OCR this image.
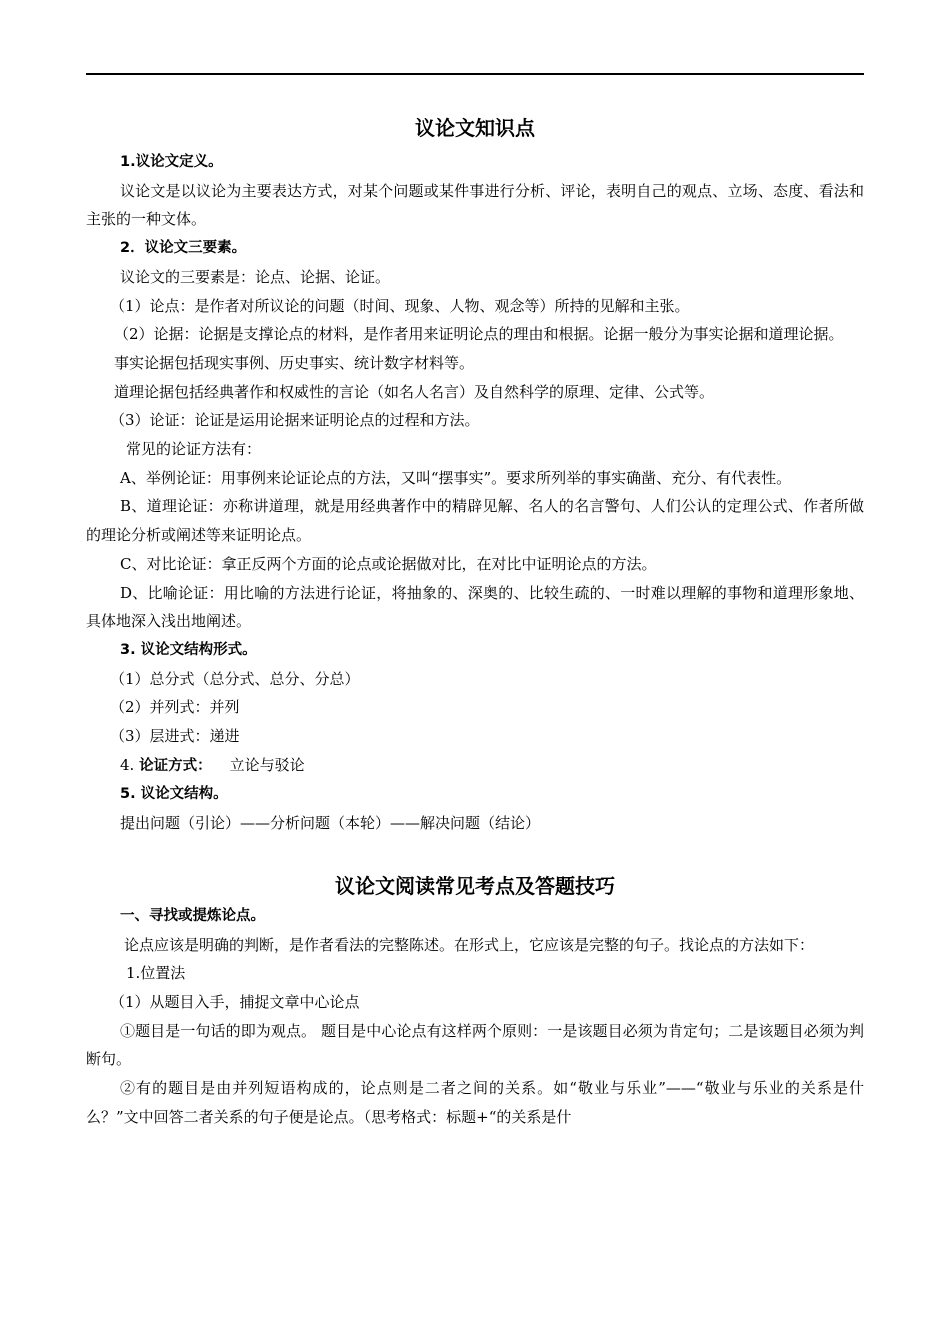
议论文知识点

1.议论文定义。

议论文是以议论为主要表达方式，对某个问题或某件事进行分析、评论，表明自己的观点、立场、态度、看法和主张的一种文体。

2．议论文三要素。

议论文的三要素是：论点、论据、论证。

（1）论点：是作者对所议论的问题（时间、现象、人物、观念等）所持的见解和主张。

（2）论据：论据是支撑论点的材料，是作者用来证明论点的理由和根据。论据一般分为事实论据和道理论据。

事实论据包括现实事例、历史事实、统计数字材料等。

道理论据包括经典著作和权威性的言论（如名人名言）及自然科学的原理、定律、公式等。

（3）论证：论证是运用论据来证明论点的过程和方法。

常见的论证方法有：

A、举例论证：用事例来论证论点的方法，又叫“摆事实”。要求所列举的事实确凿、充分、有代表性。

B、道理论证：亦称讲道理，就是用经典著作中的精辟见解、名人的名言警句、人们公认的定理公式、作者所做的理论分析或阐述等来证明论点。

C、对比论证：拿正反两个方面的论点或论据做对比，在对比中证明论点的方法。

D、比喻论证：用比喻的方法进行论证，将抽象的、深奥的、比较生疏的、一时难以理解的事物和道理形象地、具体地深入浅出地阐述。

3. 议论文结构形式。

（1）总分式（总分式、总分、分总）

（2）并列式：并列

（3）层进式：递进

4. 论证方式： 立论与驳论

5. 议论文结构。

提出问题（引论）——分析问题（本轮）——解决问题（结论）

议论文阅读常见考点及答题技巧

一、寻找或提炼论点。

论点应该是明确的判断，是作者看法的完整陈述。在形式上，它应该是完整的句子。找论点的方法如下：

1.位置法

（1）从题目入手，捕捉文章中心论点

①题目是一句话的即为观点。 题目是中心论点有这样两个原则：一是该题目必须为肯定句；二是该题目必须为判断句。

②有的题目是由并列短语构成的，论点则是二者之间的关系。如“敬业与乐业”——“敬业与乐业的关系是什么？”文中回答二者关系的句子便是论点。（思考格式：标题+“的关系是什
